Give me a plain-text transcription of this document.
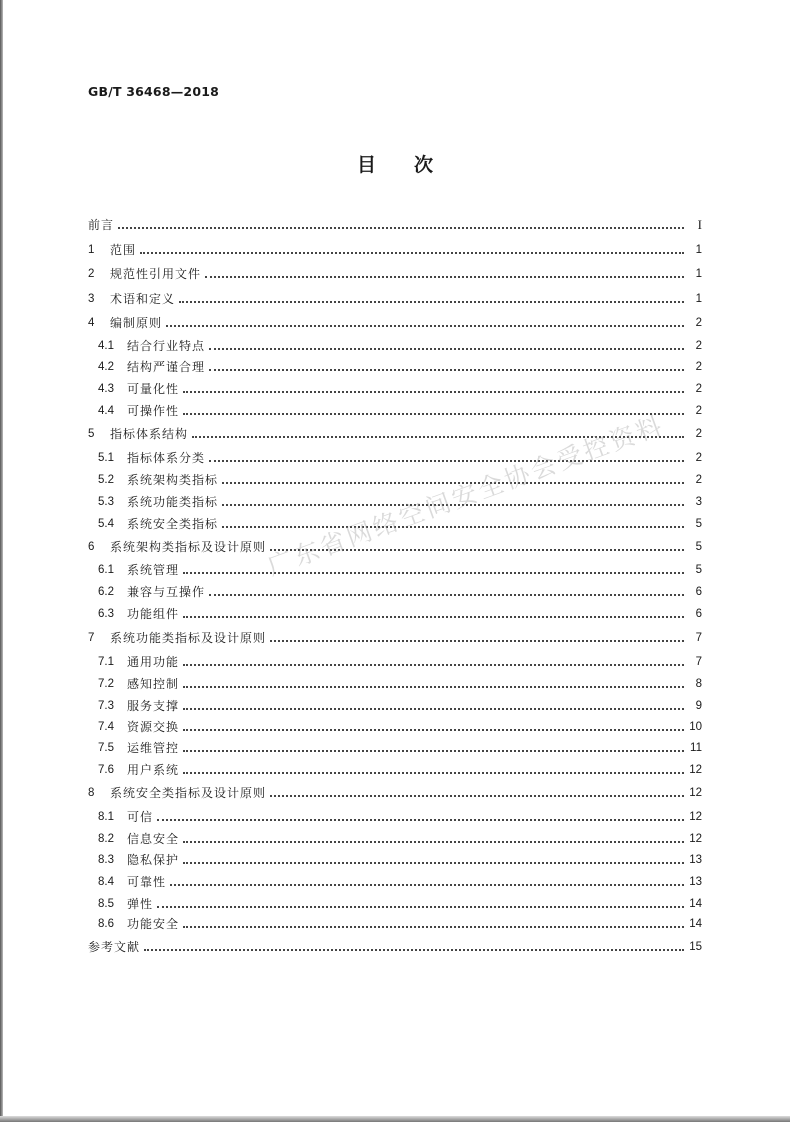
GB/T 36468—2018
目 次
前言	I
1	范围	1
2	规范性引用文件	1
3	术语和定义	1
4	编制原则	2
4.1	结合行业特点	2
4.2	结构严谨合理	2
4.3	可量化性	2
4.4	可操作性	2
5	指标体系结构	2
5.1	指标体系分类	2
5.2	系统架构类指标	2
5.3	系统功能类指标	3
5.4	系统安全类指标	5
6	系统架构类指标及设计原则	5
6.1	系统管理	5
6.2	兼容与互操作	6
6.3	功能组件	6
7	系统功能类指标及设计原则	7
7.1	通用功能	7
7.2	感知控制	8
7.3	服务支撑	9
7.4	资源交换	10
7.5	运维管控	11
7.6	用户系统	12
8	系统安全类指标及设计原则	12
8.1	可信	12
8.2	信息安全	12
8.3	隐私保护	13
8.4	可靠性	13
8.5	弹性	14
8.6	功能安全	14
参考文献	15
广东省网络空间安全协会受控资料
